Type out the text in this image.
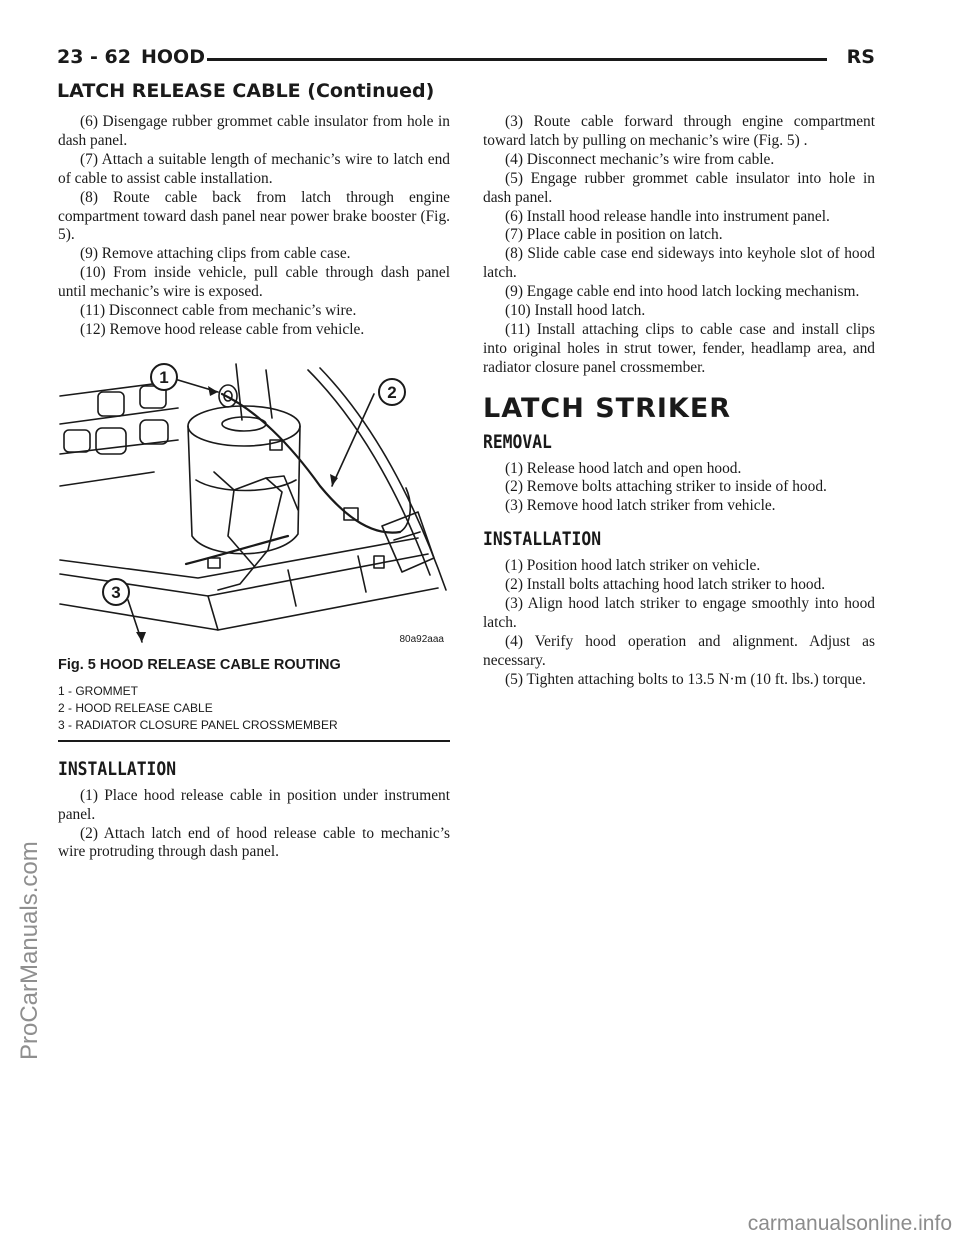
23 - 62 HOOD	RS
LATCH RELEASE CABLE (Continued)

(6) Disengage rubber grommet cable insulator from hole in dash panel.

(7) Attach a suitable length of mechanic’s wire to latch end of cable to assist cable installation.

(8) Route cable back from latch through engine compartment toward dash panel near power brake booster (Fig. 5).

(9) Remove attaching clips from cable case.

(10) From inside vehicle, pull cable through dash panel until mechanic’s wire is exposed.

(11) Disconnect cable from mechanic’s wire.

(12) Remove hood release cable from vehicle.

1
2
3
80a92aaa
Fig. 5 HOOD RELEASE CABLE ROUTING
1 - GROMMET
2 - HOOD RELEASE CABLE
3 - RADIATOR CLOSURE PANEL CROSSMEMBER
INSTALLATION

(1) Place hood release cable in position under instrument panel.

(2) Attach latch end of hood release cable to mechanic’s wire protruding through dash panel.

(3) Route cable forward through engine compartment toward latch by pulling on mechanic’s wire (Fig. 5) .

(4) Disconnect mechanic’s wire from cable.

(5) Engage rubber grommet cable insulator into hole in dash panel.

(6) Install hood release handle into instrument panel.

(7) Place cable in position on latch.

(8) Slide cable case end sideways into keyhole slot of hood latch.

(9) Engage cable end into hood latch locking mechanism.

(10) Install hood latch.

(11) Install attaching clips to cable case and install clips into original holes in strut tower, fender, headlamp area, and radiator closure panel crossmember.

LATCH STRIKER
REMOVAL

(1) Release hood latch and open hood.

(2) Remove bolts attaching striker to inside of hood.

(3) Remove hood latch striker from vehicle.

INSTALLATION

(1) Position hood latch striker on vehicle.

(2) Install bolts attaching hood latch striker to hood.

(3) Align hood latch striker to engage smoothly into hood latch.

(4) Verify hood operation and alignment. Adjust as necessary.

(5) Tighten attaching bolts to 13.5 N·m (10 ft. lbs.) torque.

ProCarManuals.com
carmanualsonline.info
